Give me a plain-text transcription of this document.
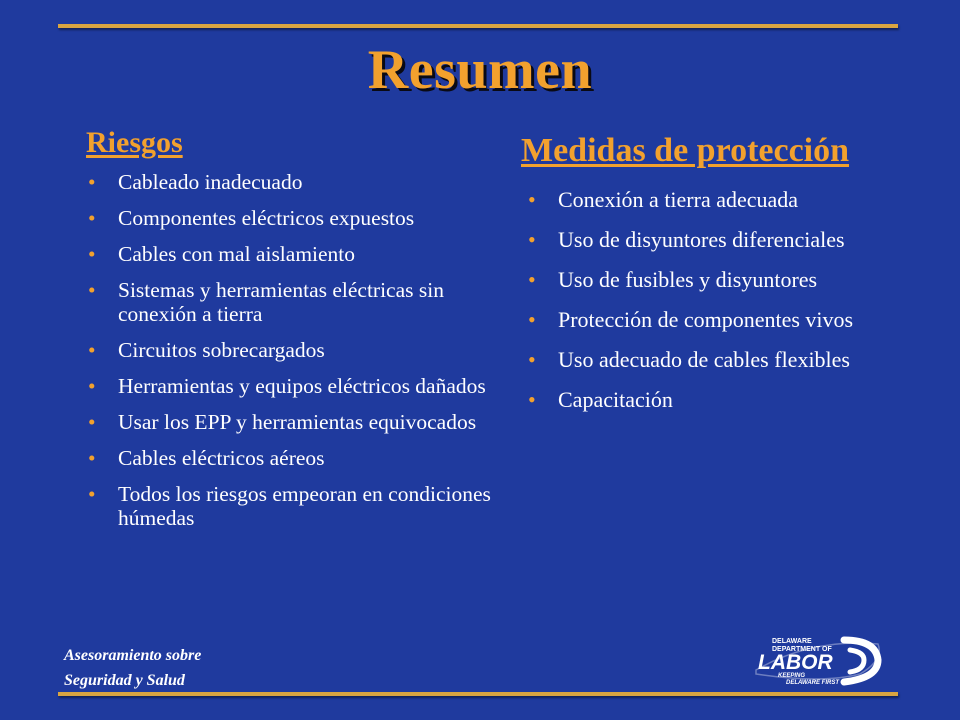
Resumen
Riesgos
• Cableado inadecuado
• Componentes eléctricos expuestos
• Cables con mal aislamiento
• Sistemas y herramientas eléctricas sin conexión a tierra
• Circuitos sobrecargados
• Herramientas y equipos eléctricos dañados
• Usar los EPP y herramientas equivocados
• Cables eléctricos aéreos
• Todos los riesgos empeoran en condiciones húmedas
Medidas de protección
• Conexión a tierra adecuada
• Uso de disyuntores diferenciales
• Uso de fusibles y disyuntores
• Protección de componentes vivos
• Uso adecuado de cables flexibles
• Capacitación
Asesoramiento sobre
Seguridad y Salud
DELAWARE
DEPARTMENT OF
LABOR
KEEPING
DELAWARE FIRST
